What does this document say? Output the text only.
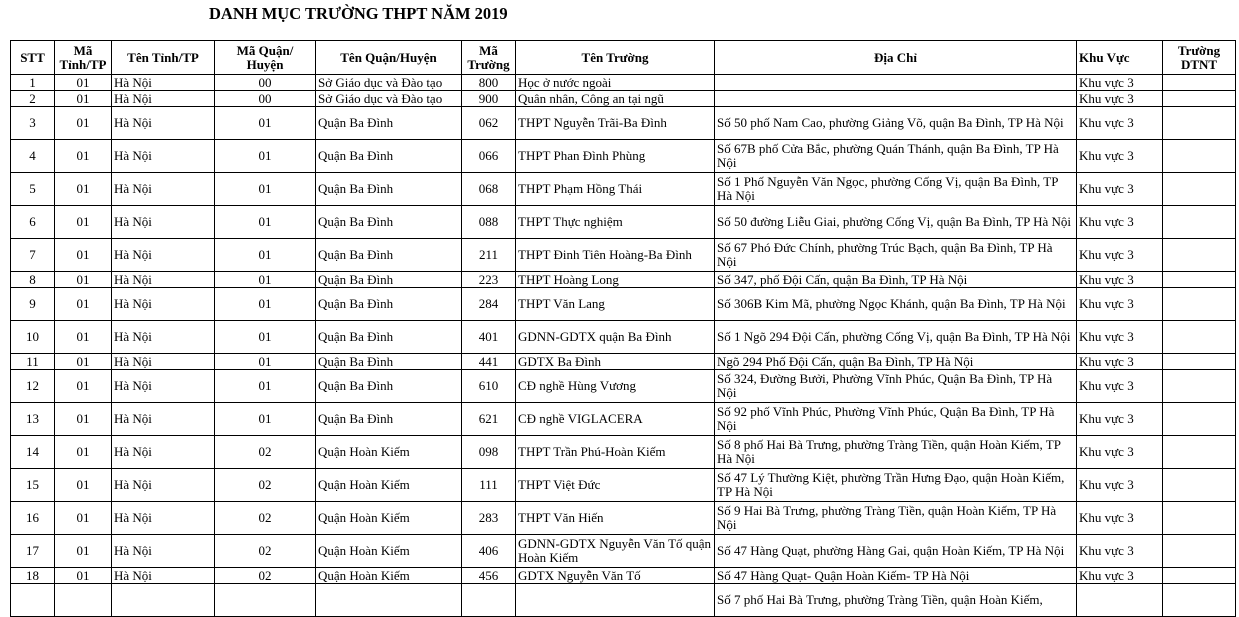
DANH MỤC TRƯỜNG THPT NĂM 2019
STT	Mã Tỉnh/TP	Tên Tỉnh/TP	Mã Quận/ Huyện	Tên Quận/Huyện	Mã Trường	Tên Trường	Địa Chỉ	Khu Vực	Trường DTNT
1	01	Hà Nội	00	Sở Giáo dục và Đào tạo	800	Học ở nước ngoài		Khu vực 3	
2	01	Hà Nội	00	Sở Giáo dục và Đào tạo	900	Quân nhân, Công an tại ngũ		Khu vực 3	
3	01	Hà Nội	01	Quận Ba Đình	062	THPT Nguyễn Trãi-Ba Đình	Số 50 phố Nam Cao, phường Giảng Võ, quận Ba Đình, TP Hà Nội	Khu vực 3	
4	01	Hà Nội	01	Quận Ba Đình	066	THPT Phan Đình Phùng	Số 67B phố Cửa Bắc, phường Quán Thánh, quận Ba Đình, TP Hà Nội	Khu vực 3	
5	01	Hà Nội	01	Quận Ba Đình	068	THPT Phạm Hồng Thái	Số 1 Phố Nguyễn Văn Ngọc, phường Cống Vị, quận Ba Đình, TP Hà Nội	Khu vực 3	
6	01	Hà Nội	01	Quận Ba Đình	088	THPT Thực nghiệm	Số 50 đường Liễu Giai, phường Cống Vị, quận Ba Đình, TP Hà Nội	Khu vực 3	
7	01	Hà Nội	01	Quận Ba Đình	211	THPT Đinh Tiên Hoàng-Ba Đình	Số 67 Phó Đức Chính, phường Trúc Bạch, quận Ba Đình, TP Hà Nội	Khu vực 3	
8	01	Hà Nội	01	Quận Ba Đình	223	THPT Hoàng Long	Số 347, phố Đội Cấn, quận Ba Đình, TP Hà Nội	Khu vực 3	
9	01	Hà Nội	01	Quận Ba Đình	284	THPT Văn Lang	Số 306B Kim Mã, phường Ngọc Khánh, quận Ba Đình, TP Hà Nội	Khu vực 3	
10	01	Hà Nội	01	Quận Ba Đình	401	GDNN-GDTX quận Ba Đình	Số 1 Ngõ 294 Đội Cấn, phường Cống Vị, quận Ba Đình, TP Hà Nội	Khu vực 3	
11	01	Hà Nội	01	Quận Ba Đình	441	GDTX Ba Đình	Ngõ 294 Phố Đội Cấn, quận Ba Đình, TP Hà Nội	Khu vực 3	
12	01	Hà Nội	01	Quận Ba Đình	610	CĐ nghề Hùng Vương	Số 324, Đường Bưởi, Phường Vĩnh Phúc, Quận Ba Đình, TP Hà Nội	Khu vực 3	
13	01	Hà Nội	01	Quận Ba Đình	621	CĐ nghề VIGLACERA	Số 92 phố Vĩnh Phúc, Phường Vĩnh Phúc, Quận Ba Đình, TP Hà Nội	Khu vực 3	
14	01	Hà Nội	02	Quận Hoàn Kiếm	098	THPT Trần Phú-Hoàn Kiếm	Số 8 phố Hai Bà Trưng, phường Tràng Tiền, quận Hoàn Kiếm, TP Hà Nội	Khu vực 3	
15	01	Hà Nội	02	Quận Hoàn Kiếm	111	THPT Việt Đức	Số 47 Lý Thường Kiệt, phường Trần Hưng Đạo, quận Hoàn Kiếm, TP Hà Nội	Khu vực 3	
16	01	Hà Nội	02	Quận Hoàn Kiếm	283	THPT Văn Hiến	Số 9 Hai Bà Trưng, phường Tràng Tiền, quận Hoàn Kiếm, TP Hà Nội	Khu vực 3	
17	01	Hà Nội	02	Quận Hoàn Kiếm	406	GDNN-GDTX Nguyễn Văn Tố quận Hoàn Kiếm	Số 47 Hàng Quạt, phường Hàng Gai, quận Hoàn Kiếm, TP Hà Nội	Khu vực 3	
18	01	Hà Nội	02	Quận Hoàn Kiếm	456	GDTX Nguyễn Văn Tố	Số 47 Hàng Quạt- Quận Hoàn Kiếm- TP Hà Nội	Khu vực 3	
							Số 7 phố Hai Bà Trưng, phường Tràng Tiền, quận Hoàn Kiếm,		
